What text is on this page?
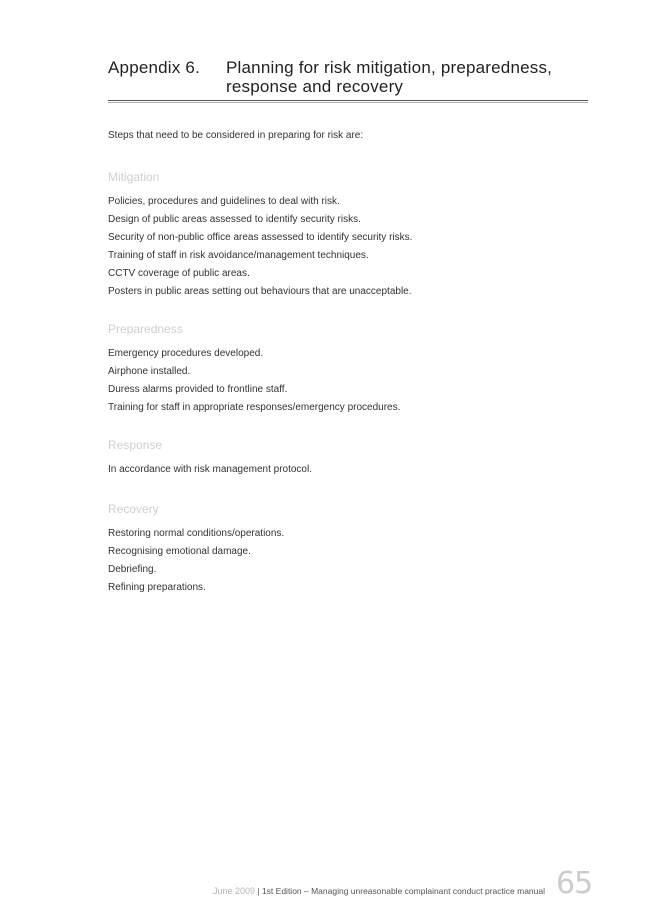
Appendix 6.	Planning for risk mitigation, preparedness, response and recovery
Steps that need to be considered in preparing for risk are:
Mitigation
Policies, procedures and guidelines to deal with risk.
Design of public areas assessed to identify security risks.
Security of non-public office areas assessed to identify security risks.
Training of staff in risk avoidance/management techniques.
CCTV coverage of public areas.
Posters in public areas setting out behaviours that are unacceptable.
Preparedness
Emergency procedures developed.
Airphone installed.
Duress alarms provided to frontline staff.
Training for staff in appropriate responses/emergency procedures.
Response
In accordance with risk management protocol.
Recovery
Restoring normal conditions/operations.
Recognising emotional damage.
Debriefing.
Refining preparations.
June 2009 | 1st Edition – Managing unreasonable complainant conduct practice manual 65
